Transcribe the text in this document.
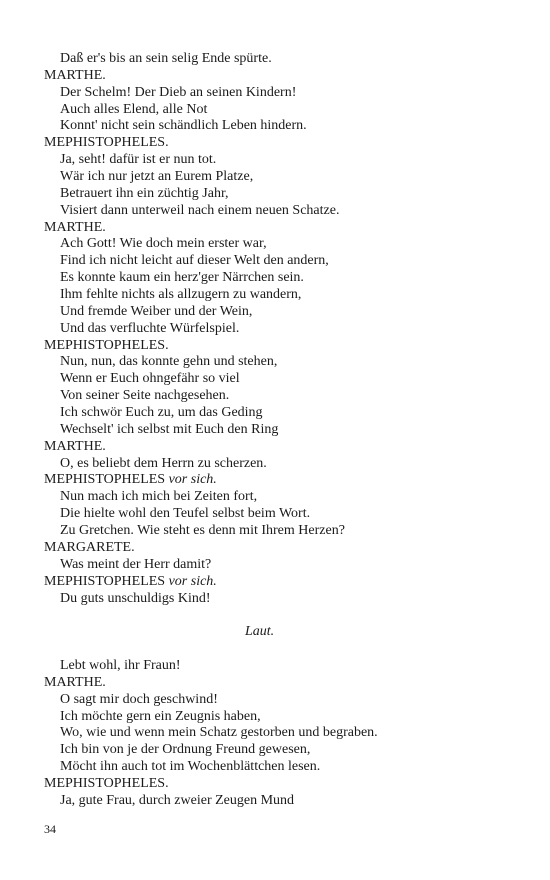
Daß er's bis an sein selig Ende spürte.
MARTHE.
Der Schelm! Der Dieb an seinen Kindern!
Auch alles Elend, alle Not
Konnt' nicht sein schändlich Leben hindern.
MEPHISTOPHELES.
Ja, seht! dafür ist er nun tot.
Wär ich nur jetzt an Eurem Platze,
Betrauert ihn ein züchtig Jahr,
Visiert dann unterweil nach einem neuen Schatze.
MARTHE.
Ach Gott! Wie doch mein erster war,
Find ich nicht leicht auf dieser Welt den andern,
Es konnte kaum ein herz'ger Närrchen sein.
Ihm fehlte nichts als allzugern zu wandern,
Und fremde Weiber und der Wein,
Und das verfluchte Würfelspiel.
MEPHISTOPHELES.
Nun, nun, das konnte gehn und stehen,
Wenn er Euch ohngefähr so viel
Von seiner Seite nachgesehen.
Ich schwör Euch zu, um das Geding
Wechselt' ich selbst mit Euch den Ring
MARTHE.
O, es beliebt dem Herrn zu scherzen.
MEPHISTOPHELES vor sich.
Nun mach ich mich bei Zeiten fort,
Die hielte wohl den Teufel selbst beim Wort.
Zu Gretchen. Wie steht es denn mit Ihrem Herzen?
MARGARETE.
Was meint der Herr damit?
MEPHISTOPHELES vor sich.
Du guts unschuldigs Kind!
Laut.
Lebt wohl, ihr Fraun!
MARTHE.
O sagt mir doch geschwind!
Ich möchte gern ein Zeugnis haben,
Wo, wie und wenn mein Schatz gestorben und begraben.
Ich bin von je der Ordnung Freund gewesen,
Möcht ihn auch tot im Wochenblättchen lesen.
MEPHISTOPHELES.
Ja, gute Frau, durch zweier Zeugen Mund
34
